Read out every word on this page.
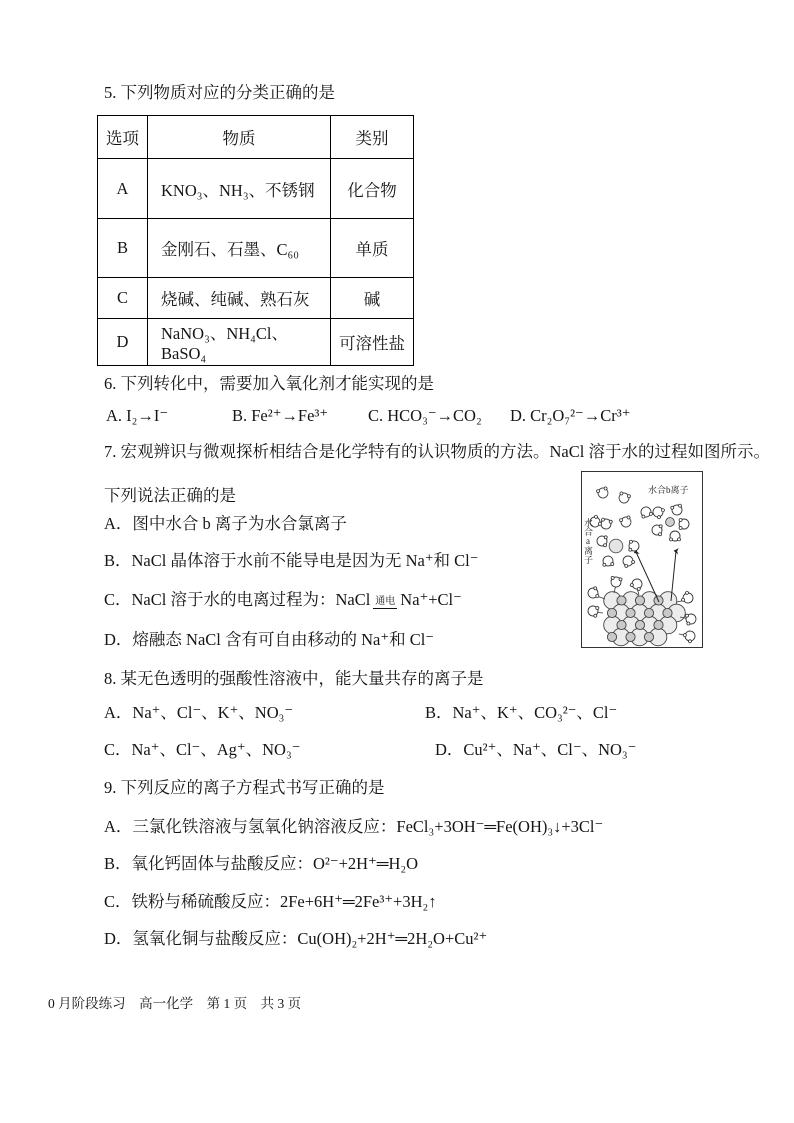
5. 下列物质对应的分类正确的是
选项	物质	类别
A	KNO₃、NH₃、不锈钢	化合物
B	金刚石、石墨、C₆₀	单质
C	烧碱、纯碱、熟石灰	碱
D	NaNO₃、NH₄Cl、BaSO₄	可溶性盐
6. 下列转化中，需要加入氧化剂才能实现的是
A. I₂→I⁻	B. Fe²⁺→Fe³⁺ C. HCO₃⁻→CO₂ D. Cr₂O₇²⁻→Cr³⁺
7. 宏观辨识与微观探析相结合是化学特有的认识物质的方法。NaCl 溶于水的过程如图所示。
下列说法正确的是
A．图中水合 b 离子为水合氯离子
B．NaCl 晶体溶于水前不能导电是因为无 Na⁺和 Cl⁻
C．NaCl 溶于水的电离过程为：NaCl 通电 Na⁺+Cl⁻
D．熔融态 NaCl 含有可自由移动的 Na⁺和 Cl⁻
水合b离子
水合a离子
8. 某无色透明的强酸性溶液中，能大量共存的离子是
A．Na⁺、Cl⁻、K⁺、NO₃⁻	B．Na⁺、K⁺、CO₃²⁻、Cl⁻
C．Na⁺、Cl⁻、Ag⁺、NO₃⁻	D．Cu²⁺、Na⁺、Cl⁻、NO₃⁻
9. 下列反应的离子方程式书写正确的是
A．三氯化铁溶液与氢氧化钠溶液反应：FeCl₃+3OH⁻═Fe(OH)₃↓+3Cl⁻
B．氧化钙固体与盐酸反应：O²⁻+2H⁺═H₂O
C．铁粉与稀硫酸反应：2Fe+6H⁺═2Fe³⁺+3H₂↑
D．氢氧化铜与盐酸反应：Cu(OH)₂+2H⁺═2H₂O+Cu²⁺
0 月阶段练习　高一化学　第 1 页　共 3 页
